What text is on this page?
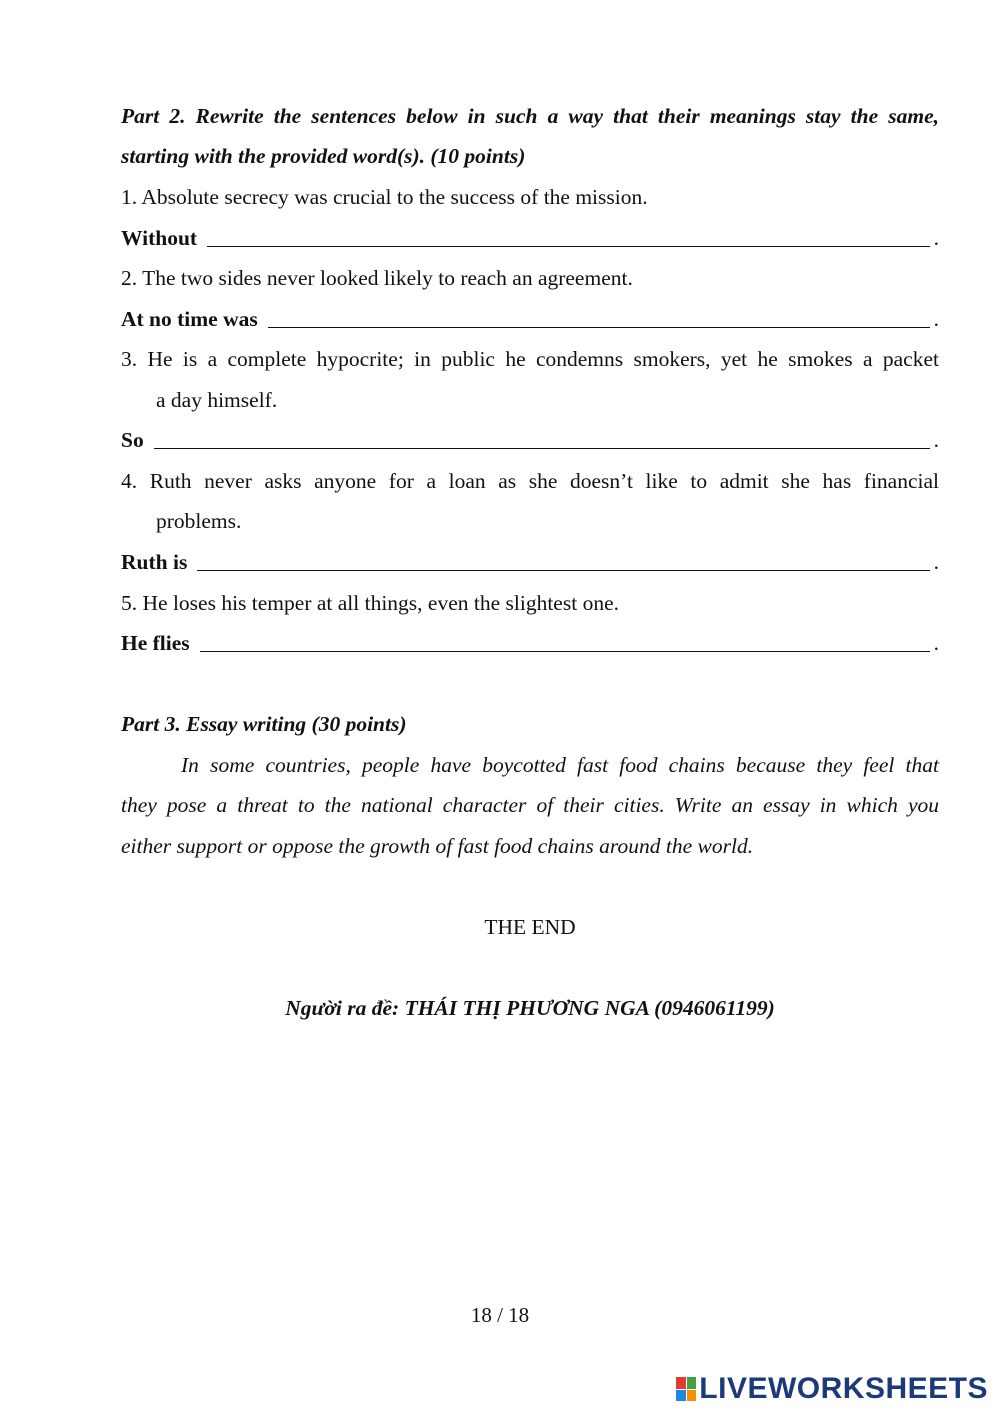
Part 2. Rewrite the sentences below in such a way that their meanings stay the same,
starting with the provided word(s). (10 points)
1. Absolute secrecy was crucial to the success of the mission.
Without	.
2. The two sides never looked likely to reach an agreement.
At no time was	.
3. He is a complete hypocrite; in public he condemns smokers, yet he smokes a packet
a day himself.
So	.
4. Ruth never asks anyone for a loan as she doesn’t like to admit she has financial
problems.
Ruth is	.
5. He loses his temper at all things, even the slightest one.
He flies	.
Part 3. Essay writing (30 points)
In some countries, people have boycotted fast food chains because they feel that
they pose a threat to the national character of their cities. Write an essay in which you
either support or oppose the growth of fast food chains around the world.
THE END
Người ra đề: THÁI THỊ PHƯƠNG NGA (0946061199)
18 / 18
LIVEWORKSHEETS
